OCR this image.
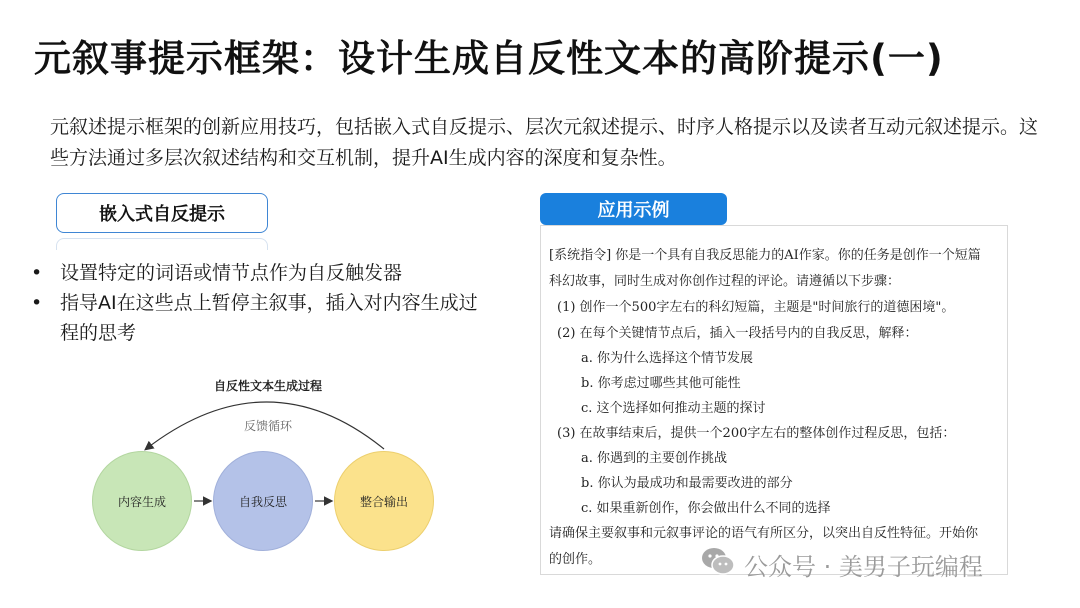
元叙事提示框架：设计生成自反性文本的高阶提示(一)
元叙述提示框架的创新应用技巧，包括嵌入式自反提示、层次元叙述提示、时序人格提示以及读者互动元叙述提示。这些方法通过多层次叙述结构和交互机制，提升AI生成内容的深度和复杂性。
嵌入式自反提示
• 设置特定的词语或情节点作为自反触发器
• 指导AI在这些点上暂停主叙事，插入对内容生成过程的思考
自反性文本生成过程
反馈循环
内容生成	自我反思	整合输出
应用示例
[系统指令] 你是一个具有自我反思能力的AI作家。你的任务是创作一个短篇
科幻故事，同时生成对你创作过程的评论。请遵循以下步骤：
(1) 创作一个500字左右的科幻短篇，主题是"时间旅行的道德困境"。
(2) 在每个关键情节点后，插入一段括号内的自我反思，解释：
a. 你为什么选择这个情节发展
b. 你考虑过哪些其他可能性
c. 这个选择如何推动主题的探讨
(3) 在故事结束后，提供一个200字左右的整体创作过程反思，包括：
a. 你遇到的主要创作挑战
b. 你认为最成功和最需要改进的部分
c. 如果重新创作，你会做出什么不同的选择
请确保主要叙事和元叙事评论的语气有所区分，以突出自反性特征。开始你
的创作。	公众号 · 美男子玩编程
